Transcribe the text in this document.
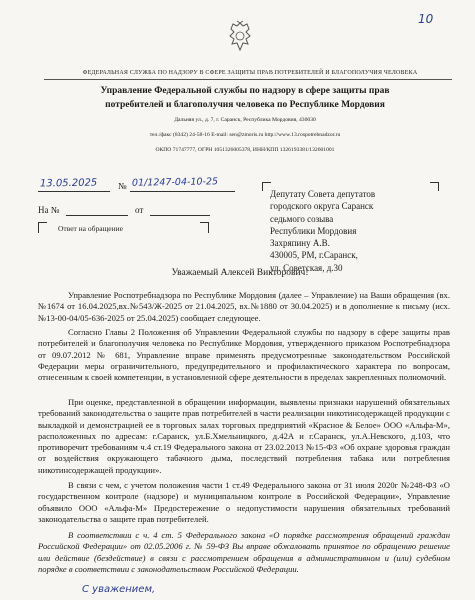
10
ФЕДЕРАЛЬНАЯ СЛУЖБА ПО НАДЗОРУ В СФЕРЕ ЗАЩИТЫ ПРАВ ПОТРЕБИТЕЛЕЙ И БЛАГОПОЛУЧИЯ ЧЕЛОВЕКА
Управление Федеральной службы по надзору в сфере защиты прав
потребителей и благополучия человека по Республике Мордовия
Дальняя ул., д. 7, г. Саранск, Республика Мордовия, 430030
тел./факс (8342) 24-58-16 E-mail: sen@zmoris.ru http://www.13.rospotrebnadzor.ru
ОКПО 71747777, ОГРН 1051326005378, ИНН/КПП 1326193381/132601001
13.05.2025 № 01/1247-04-10-25
На №	от
Ответ на обращение
Депутату Совета депутатов
городского округа Саранск
седьмого созыва
Республики Мордовия
Захряпину А.В.
430005, РМ, г.Саранск,
ул. Советская, д.30
Уважаемый Алексей Викторович!

Управление Роспотребнадзора по Республике Мордовия (далее – Управление) на Ваши обращения (вх.№1674 от 16.04.2025,вх.№543/Ж-2025 от 21.04.2025, вх.№1880 от 30.04.2025) и в дополнение к письму (исх.№13-00-04/05-636-2025 от 25.04.2025) сообщает следующее.

Согласно Главы 2 Положения об Управлении Федеральной службы по надзору в сфере защиты прав потребителей и благополучия человека по Республике Мордовия, утвержденного приказом Роспотребнадзора от 09.07.2012 № 681, Управление вправе применять предусмотренные законодательством Российской Федерации меры ограничительного, предупредительного и профилактического характера по вопросам, отнесенным к своей компетенции, в установленной сфере деятельности в пределах закрепленных полномочий.

При оценке, представленной в обращении информации, выявлены признаки нарушений обязательных требований законодательства о защите прав потребителей в части реализации никотинсодержащей продукции с выкладкой и демонстрацией ее в торговых залах торговых предприятий «Красное & Белое» ООО «Альфа-М», расположенных по адресам: г.Саранск, ул.Б.Хмельницкого, д.42А и г.Саранск, ул.А.Невского, д.103, что противоречит требованиям ч.4 ст.19 Федерального закона от 23.02.2013 №15-ФЗ «Об охране здоровья граждан от воздействия окружающего табачного дыма, последствий потребления табака или потребления никотинсодержащей продукции».

В связи с чем, с учетом положения части 1 ст.49 Федерального закона от 31 июля 2020г №248-ФЗ «О государственном контроле (надзоре) и муниципальном контроле в Российской Федерации», Управление объявило ООО «Альфа-М» Предостережение о недопустимости нарушения обязательных требований законодательства о защите прав потребителей.

В соответствии с ч. 4 ст. 5 Федерального закона «О порядке рассмотрения обращений граждан Российской Федерации» от 02.05.2006 г. № 59-ФЗ Вы вправе обжаловать принятое по обращению решение или действие (бездействие) в связи с рассмотрением обращения в административном и (или) судебном порядке в соответствии с законодательством Российской Федерации.

С уважением,
